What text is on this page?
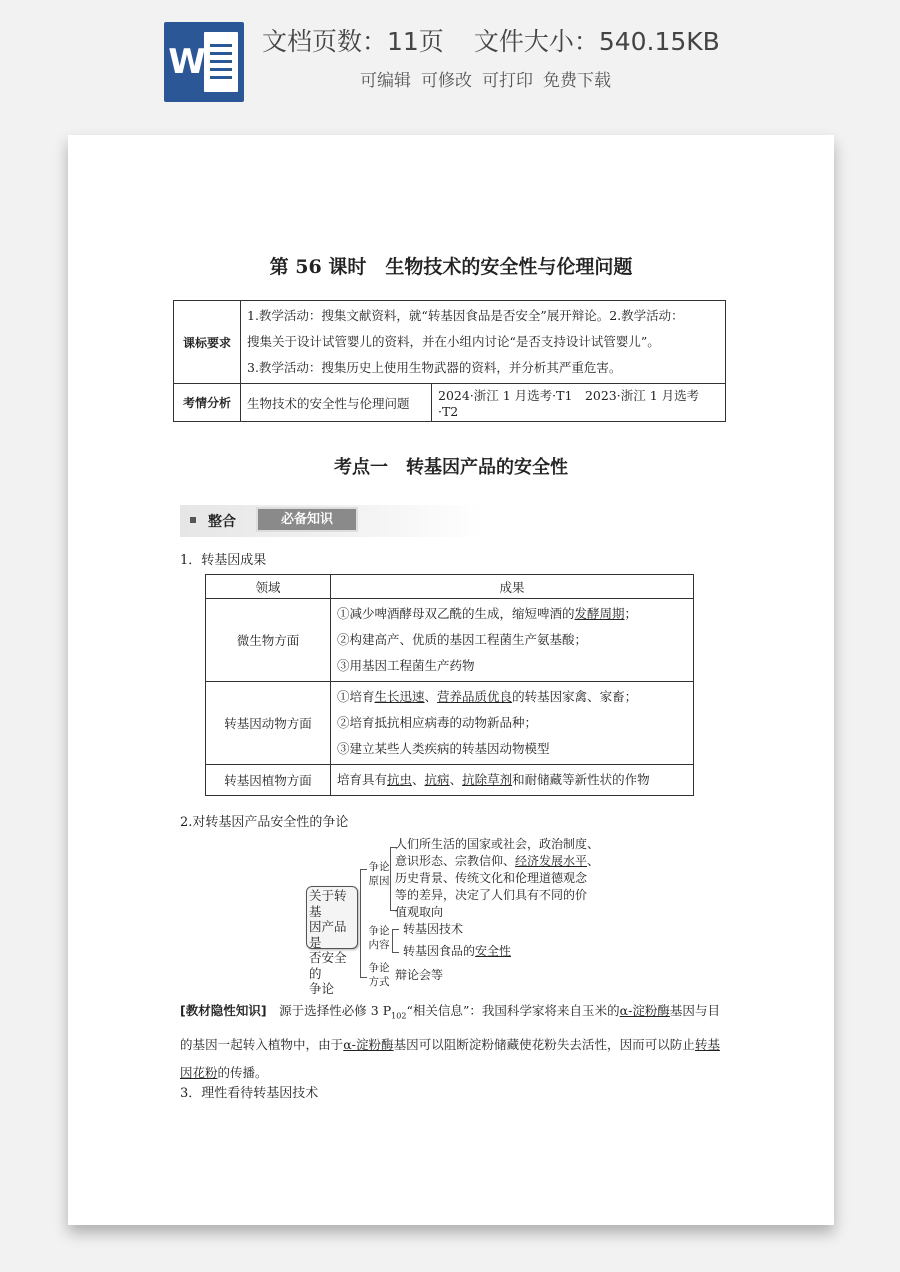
W
文档页数：11页 文件大小：540.15KB
可编辑 可修改 可打印 免费下载
第 56 课时　生物技术的安全性与伦理问题
课标要求	1.教学活动：搜集文献资料，就“转基因食品是否安全”展开辩论。2.教学活动：
搜集关于设计试管婴儿的资料，并在小组内讨论“是否支持设计试管婴儿”。
3.教学活动：搜集历史上使用生物武器的资料，并分析其严重危害。	

考情分析	生物技术的安全性与伦理问题	2024·浙江 1 月选考·T1　2023·浙江 1 月选考·T2
考点一　转基因产品的安全性
整合	必备知识
1．转基因成果
领域	成果
微生物方面	①减少啤酒酵母双乙酰的生成，缩短啤酒的发酵周期；
②构建高产、优质的基因工程菌生产氨基酸；
③用基因工程菌生产药物

转基因动物方面	①培育生长迅速、营养品质优良的转基因家禽、家畜；
②培育抵抗相应病毒的动物新品种；
③建立某些人类疾病的转基因动物模型

转基因植物方面	培育具有抗虫、抗病、抗除草剂和耐储藏等新性状的作物
2.对转基因产品安全性的争论
关于转基
因产品是
否安全的
争论
争论
原因
人们所生活的国家或社会，政治制度、
意识形态、宗教信仰、经济发展水平、
历史背景、传统文化和伦理道德观念
等的差异，决定了人们具有不同的价
值观取向
争论
内容
转基因技术
转基因食品的安全性
争论
方式 辩论会等
[教材隐性知识]　源于选择性必修 3 $P_{102}“$相关信息”：我国科学家将来自玉米的α-淀粉酶基因与目的基因一起转入植物中，由于α-淀粉酶基因可以阻断淀粉储藏使花粉失去活性，因而可以防止转基因花粉的传播。
3．理性看待转基因技术
